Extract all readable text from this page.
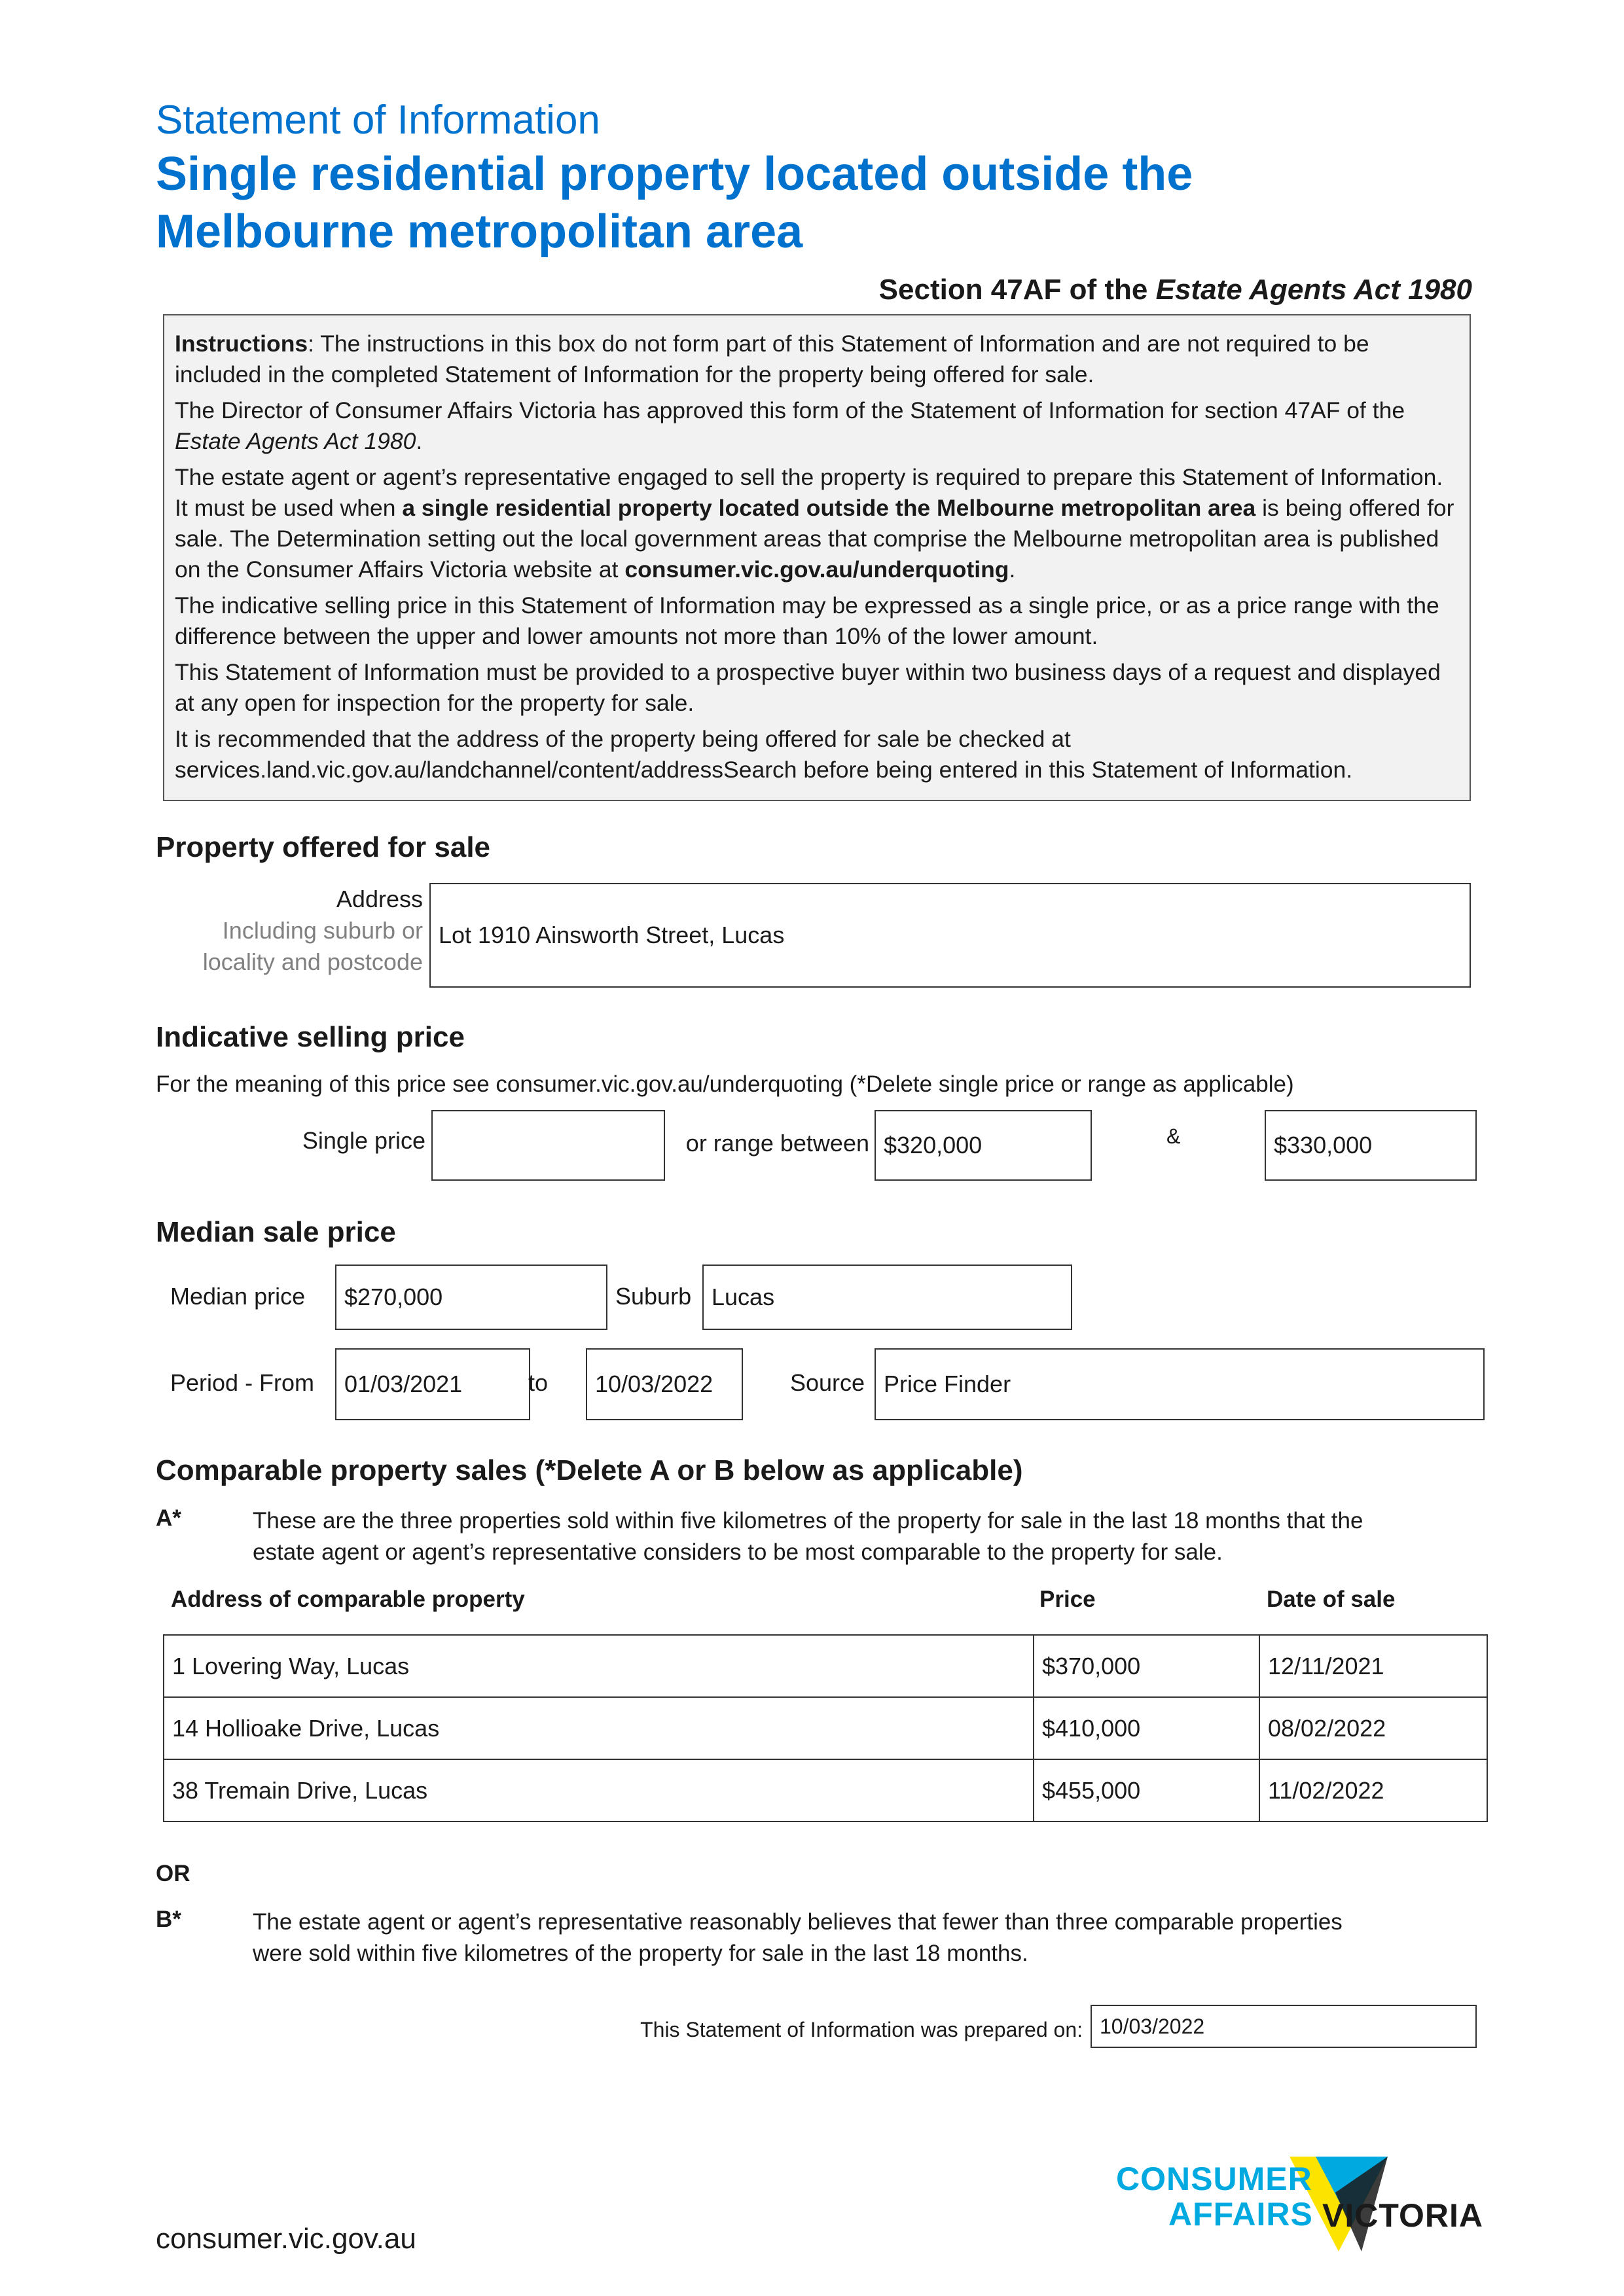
Statement of Information
Single residential property located outside the
Melbourne metropolitan area
Section 47AF of the Estate Agents Act 1980

Instructions: The instructions in this box do not form part of this Statement of Information and are not required to be included in the completed Statement of Information for the property being offered for sale.

The Director of Consumer Affairs Victoria has approved this form of the Statement of Information for section 47AF of the Estate Agents Act 1980.

The estate agent or agent’s representative engaged to sell the property is required to prepare this Statement of Information. It must be used when a single residential property located outside the Melbourne metropolitan area is being offered for sale. The Determination setting out the local government areas that comprise the Melbourne metropolitan area is published on the Consumer Affairs Victoria website at consumer.vic.gov.au/underquoting.

The indicative selling price in this Statement of Information may be expressed as a single price, or as a price range with the difference between the upper and lower amounts not more than 10% of the lower amount.

This Statement of Information must be provided to a prospective buyer within two business days of a request and displayed at any open for inspection for the property for sale.

It is recommended that the address of the property being offered for sale be checked at services.land.vic.gov.au/landchannel/content/addressSearch before being entered in this Statement of Information.

Property offered for sale
Address
Including suburb or
locality and postcode
Lot 1910 Ainsworth Street, Lucas
Indicative selling price
For the meaning of this price see consumer.vic.gov.au/underquoting (*Delete single price or range as applicable)
Single price	or range between $320,000	&	$330,000
Median sale price
Median price	$270,000	Suburb Lucas
Period - From	01/03/2021	to	10/03/2022	Source Price Finder
Comparable property sales (*Delete A or B below as applicable)
A*	These are the three properties sold within five kilometres of the property for sale in the last 18 months that the
estate agent or agent’s representative considers to be most comparable to the property for sale.
Address of comparable property	Price	Date of sale
1 Lovering Way, Lucas	$370,000	12/11/2021
14 Hollioake Drive, Lucas	$410,000	08/02/2022
38 Tremain Drive, Lucas	$455,000	11/02/2022
OR
B*	The estate agent or agent’s representative reasonably believes that fewer than three comparable properties
were sold within five kilometres of the property for sale in the last 18 months.
This Statement of Information was prepared on: 10/03/2022
consumer.vic.gov.au
CONSUMER
AFFAIRS VICTORIA
